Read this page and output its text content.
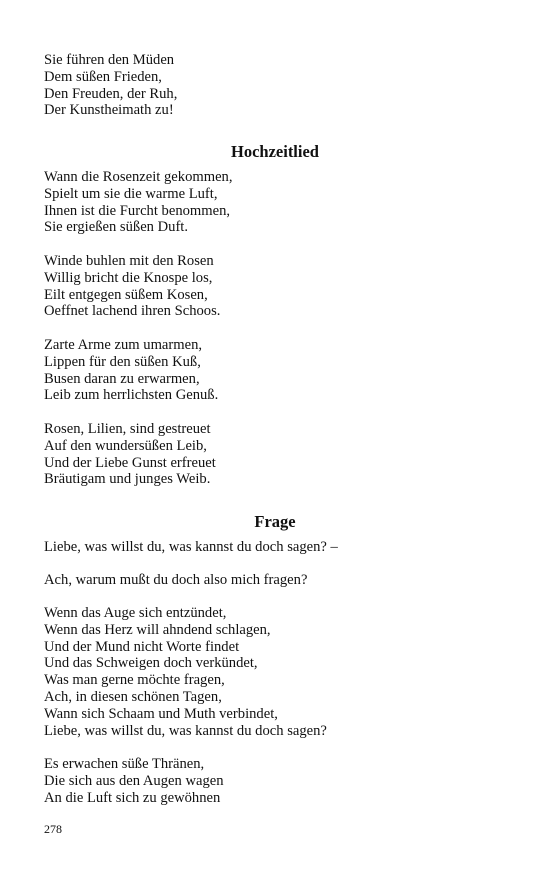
Sie führen den Müden
Dem süßen Frieden,
Den Freuden, der Ruh,
Der Kunstheimath zu!
Hochzeitlied
Wann die Rosenzeit gekommen,
Spielt um sie die warme Luft,
Ihnen ist die Furcht benommen,
Sie ergießen süßen Duft.
Winde buhlen mit den Rosen
Willig bricht die Knospe los,
Eilt entgegen süßem Kosen,
Oeffnet lachend ihren Schoos.
Zarte Arme zum umarmen,
Lippen für den süßen Kuß,
Busen daran zu erwarmen,
Leib zum herrlichsten Genuß.
Rosen, Lilien, sind gestreuet
Auf den wundersüßen Leib,
Und der Liebe Gunst erfreuet
Bräutigam und junges Weib.
Frage
Liebe, was willst du, was kannst du doch sagen? –
Ach, warum mußt du doch also mich fragen?
Wenn das Auge sich entzündet,
Wenn das Herz will ahndend schlagen,
Und der Mund nicht Worte findet
Und das Schweigen doch verkündet,
Was man gerne möchte fragen,
Ach, in diesen schönen Tagen,
Wann sich Schaam und Muth verbindet,
Liebe, was willst du, was kannst du doch sagen?
Es erwachen süße Thränen,
Die sich aus den Augen wagen
An die Luft sich zu gewöhnen
278
